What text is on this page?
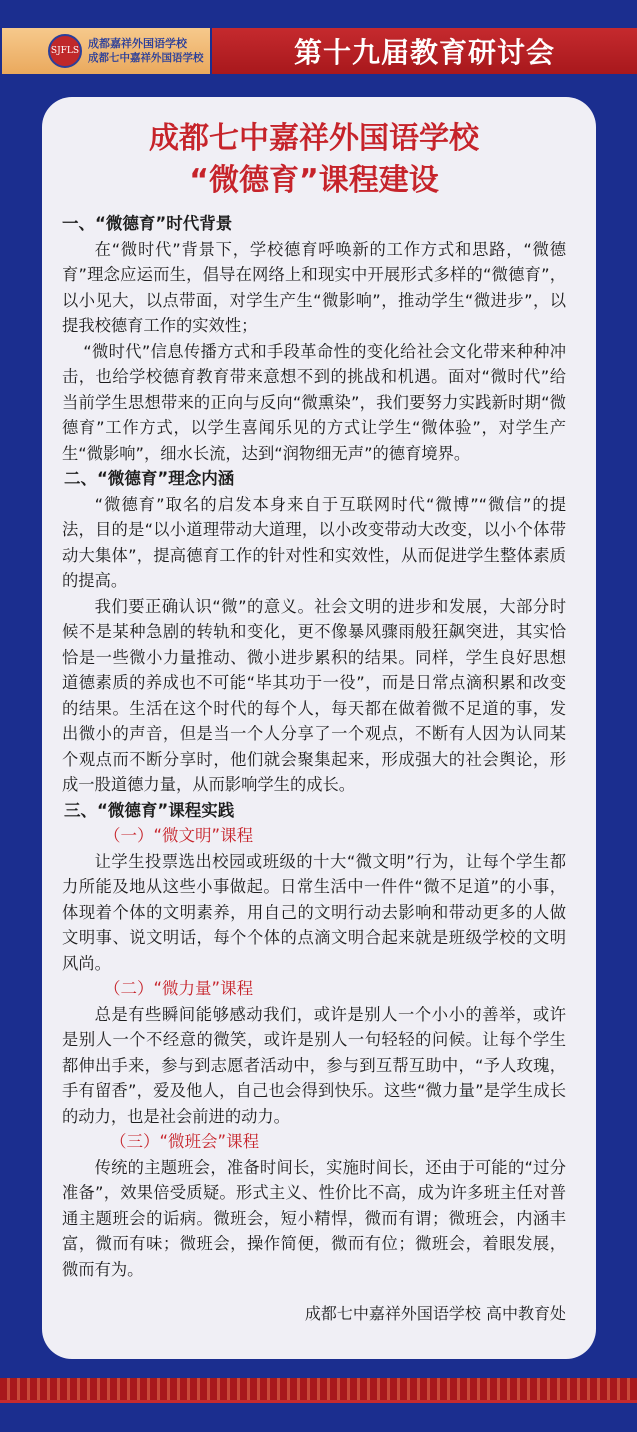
SJFLS
成都嘉祥外国语学校
成都七中嘉祥外国语学校	第十九届教育研讨会
成都七中嘉祥外国语学校
“微德育”课程建设
一、“微德育”时代背景

在“微时代”背景下，学校德育呼唤新的工作方式和思路，“微德育”理念应运而生，倡导在网络上和现实中开展形式多样的“微德育”，以小见大，以点带面，对学生产生“微影响”，推动学生“微进步”，以提我校德育工作的实效性；

“微时代”信息传播方式和手段革命性的变化给社会文化带来种种冲击，也给学校德育教育带来意想不到的挑战和机遇。面对“微时代”给当前学生思想带来的正向与反向“微熏染”，我们要努力实践新时期“微德育”工作方式，以学生喜闻乐见的方式让学生“微体验”，对学生产生“微影响”，细水长流，达到“润物细无声”的德育境界。

二、“微德育”理念内涵

“微德育”取名的启发本身来自于互联网时代“微博”“微信”的提法，目的是“以小道理带动大道理，以小改变带动大改变，以小个体带动大集体”，提高德育工作的针对性和实效性，从而促进学生整体素质的提高。

我们要正确认识“微”的意义。社会文明的进步和发展，大部分时候不是某种急剧的转轨和变化，更不像暴风骤雨般狂飙突进，其实恰恰是一些微小力量推动、微小进步累积的结果。同样，学生良好思想道德素质的养成也不可能“毕其功于一役”，而是日常点滴积累和改变的结果。生活在这个时代的每个人，每天都在做着微不足道的事，发出微小的声音，但是当一个人分享了一个观点，不断有人因为认同某个观点而不断分享时，他们就会聚集起来，形成强大的社会舆论，形成一股道德力量，从而影响学生的成长。

三、“微德育”课程实践
（一）“微文明”课程

让学生投票选出校园或班级的十大“微文明”行为，让每个学生都力所能及地从这些小事做起。日常生活中一件件“微不足道”的小事，体现着个体的文明素养，用自己的文明行动去影响和带动更多的人做文明事、说文明话，每个个体的点滴文明合起来就是班级学校的文明风尚。

（二）“微力量”课程

总是有些瞬间能够感动我们，或许是别人一个小小的善举，或许是别人一个不经意的微笑，或许是别人一句轻轻的问候。让每个学生都伸出手来，参与到志愿者活动中，参与到互帮互助中，“予人玫瑰，手有留香”，爱及他人，自己也会得到快乐。这些“微力量”是学生成长的动力，也是社会前进的动力。

（三）“微班会”课程

传统的主题班会，准备时间长，实施时间长，还由于可能的“过分准备”，效果倍受质疑。形式主义、性价比不高，成为许多班主任对普通主题班会的诟病。微班会，短小精悍，微而有谓；微班会，内涵丰富，微而有味；微班会，操作简便，微而有位；微班会，着眼发展，微而有为。

成都七中嘉祥外国语学校 高中教育处
